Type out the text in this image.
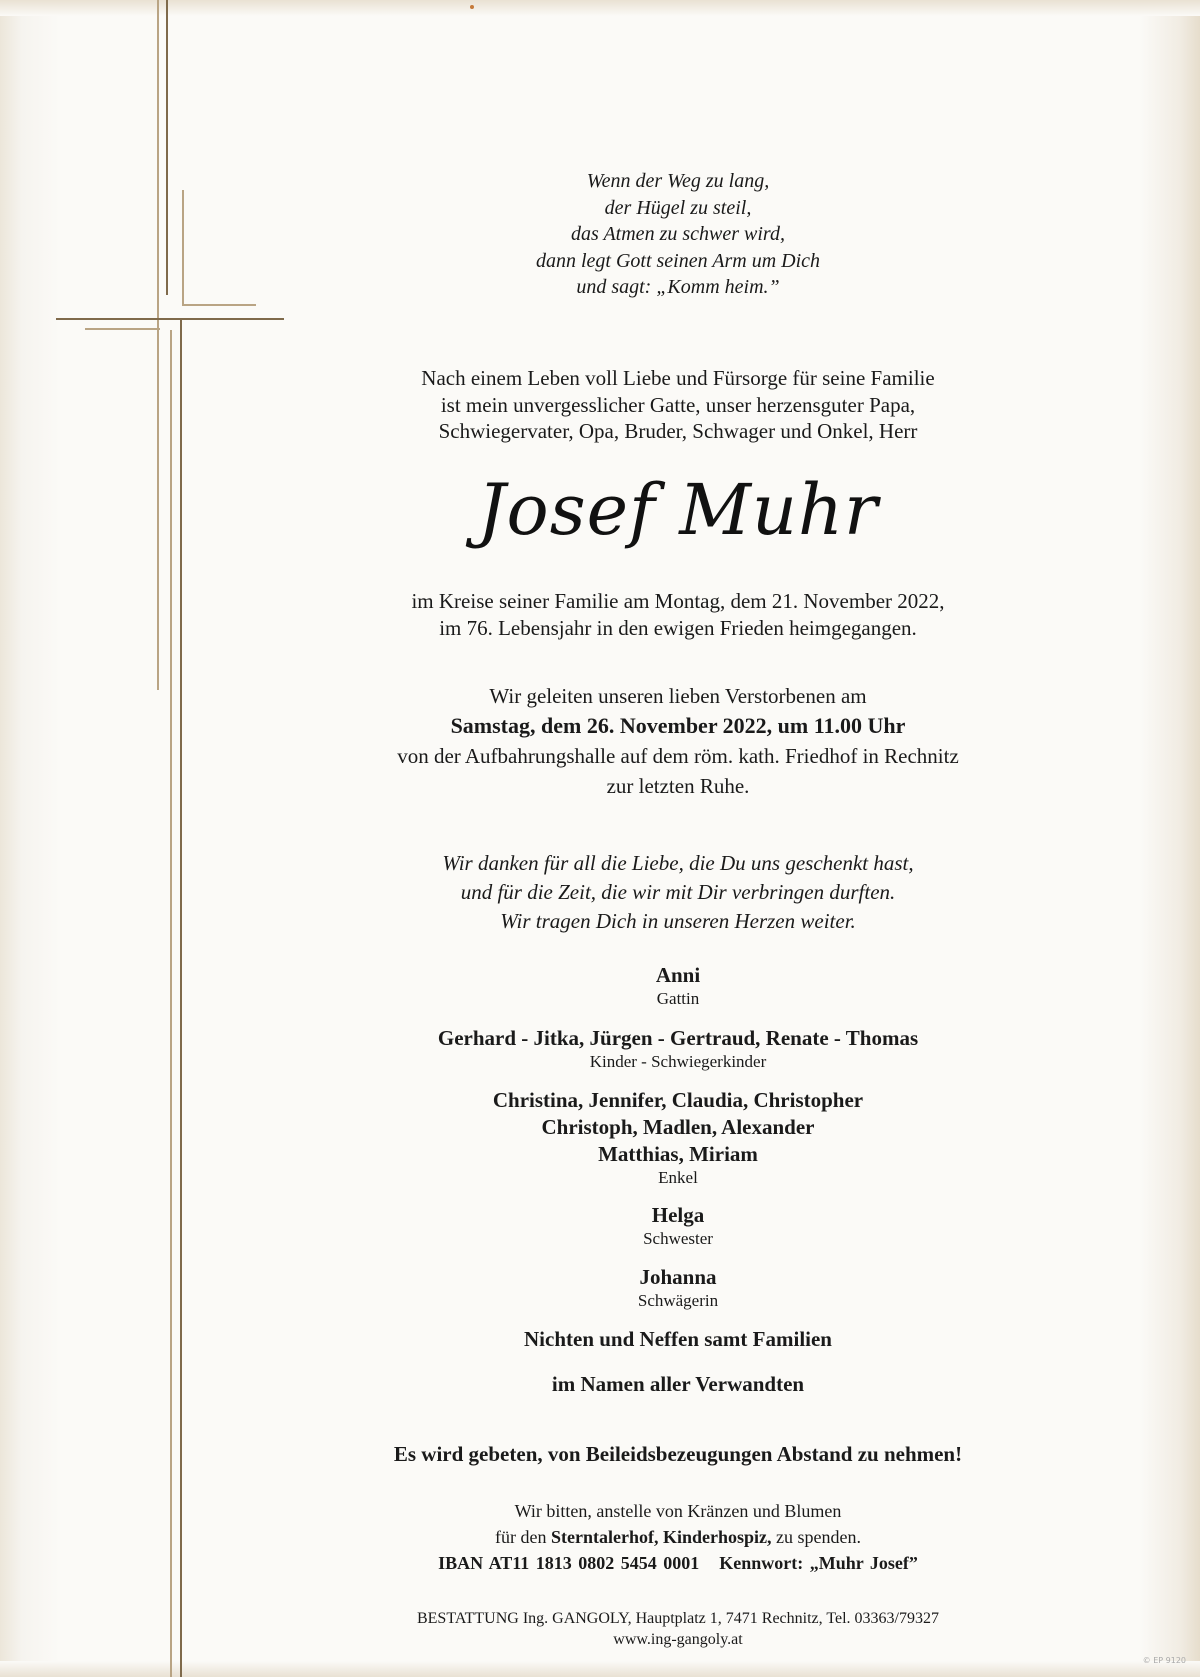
Wenn der Weg zu lang,
der Hügel zu steil,
das Atmen zu schwer wird,
dann legt Gott seinen Arm um Dich
und sagt: „Komm heim.”
Nach einem Leben voll Liebe und Fürsorge für seine Familie
ist mein unvergesslicher Gatte, unser herzensguter Papa,
Schwiegervater, Opa, Bruder, Schwager und Onkel, Herr
Josef Muhr
im Kreise seiner Familie am Montag, dem 21. November 2022,
im 76. Lebensjahr in den ewigen Frieden heimgegangen.
Wir geleiten unseren lieben Verstorbenen am
Samstag, dem 26. November 2022, um 11.00 Uhr
von der Aufbahrungshalle auf dem röm. kath. Friedhof in Rechnitz
zur letzten Ruhe.
Wir danken für all die Liebe, die Du uns geschenkt hast,
und für die Zeit, die wir mit Dir verbringen durften.
Wir tragen Dich in unseren Herzen weiter.
Anni
Gattin
Gerhard - Jitka, Jürgen - Gertraud, Renate - Thomas
Kinder - Schwiegerkinder
Christina, Jennifer, Claudia, Christopher
Christoph, Madlen, Alexander
Matthias, Miriam
Enkel
Helga
Schwester
Johanna
Schwägerin
Nichten und Neffen samt Familien
im Namen aller Verwandten
Es wird gebeten, von Beileidsbezeugungen Abstand zu nehmen!
Wir bitten, anstelle von Kränzen und Blumen
für den Sterntalerhof, Kinderhospiz, zu spenden.
IBAN AT11 1813 0802 5454 0001 Kennwort: „Muhr Josef”
BESTATTUNG Ing. GANGOLY, Hauptplatz 1, 7471 Rechnitz, Tel. 03363/79327
www.ing-gangoly.at
© EP 9120
